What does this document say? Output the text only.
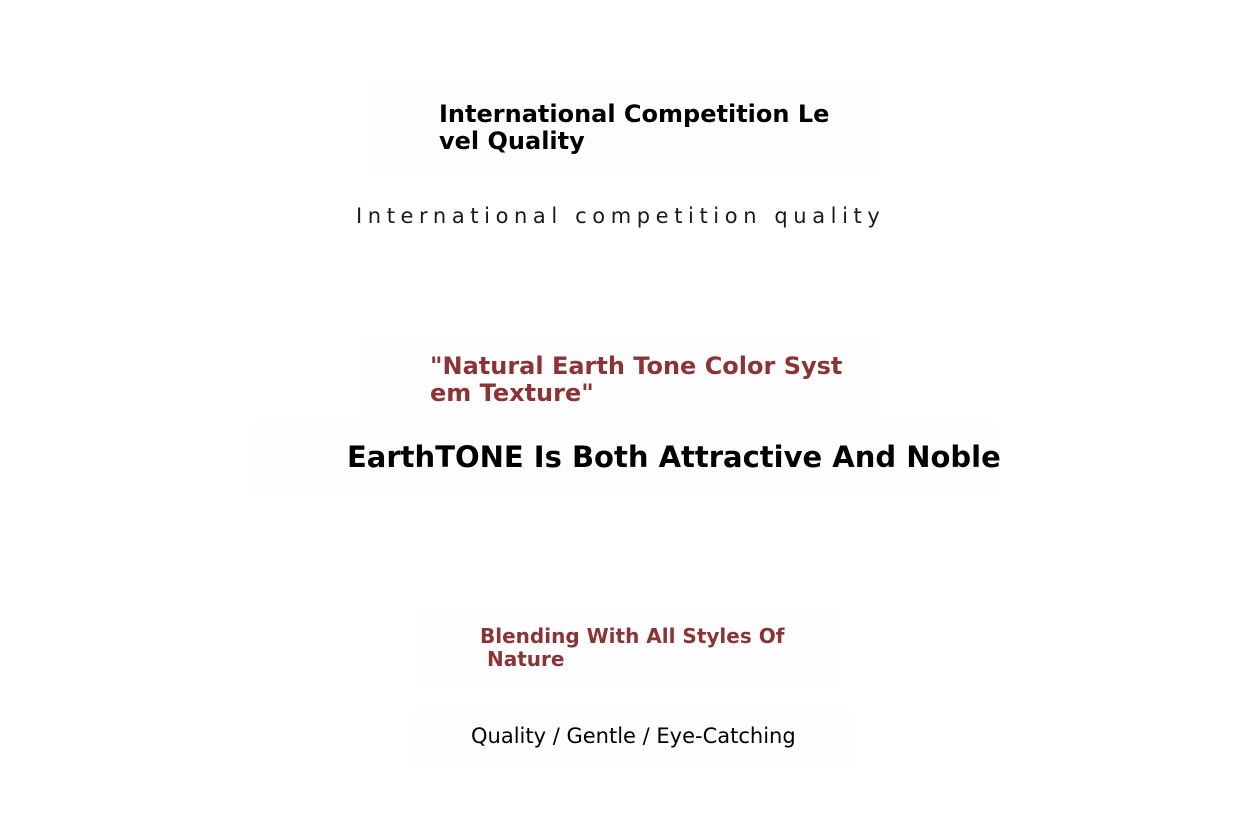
International Competition Le
vel Quality
International competition quality
"Natural Earth Tone Color Syst
em Texture"
EarthTONE Is Both Attractive And Noble
Blending With All Styles Of
Nature
Quality / Gentle / Eye-Catching
